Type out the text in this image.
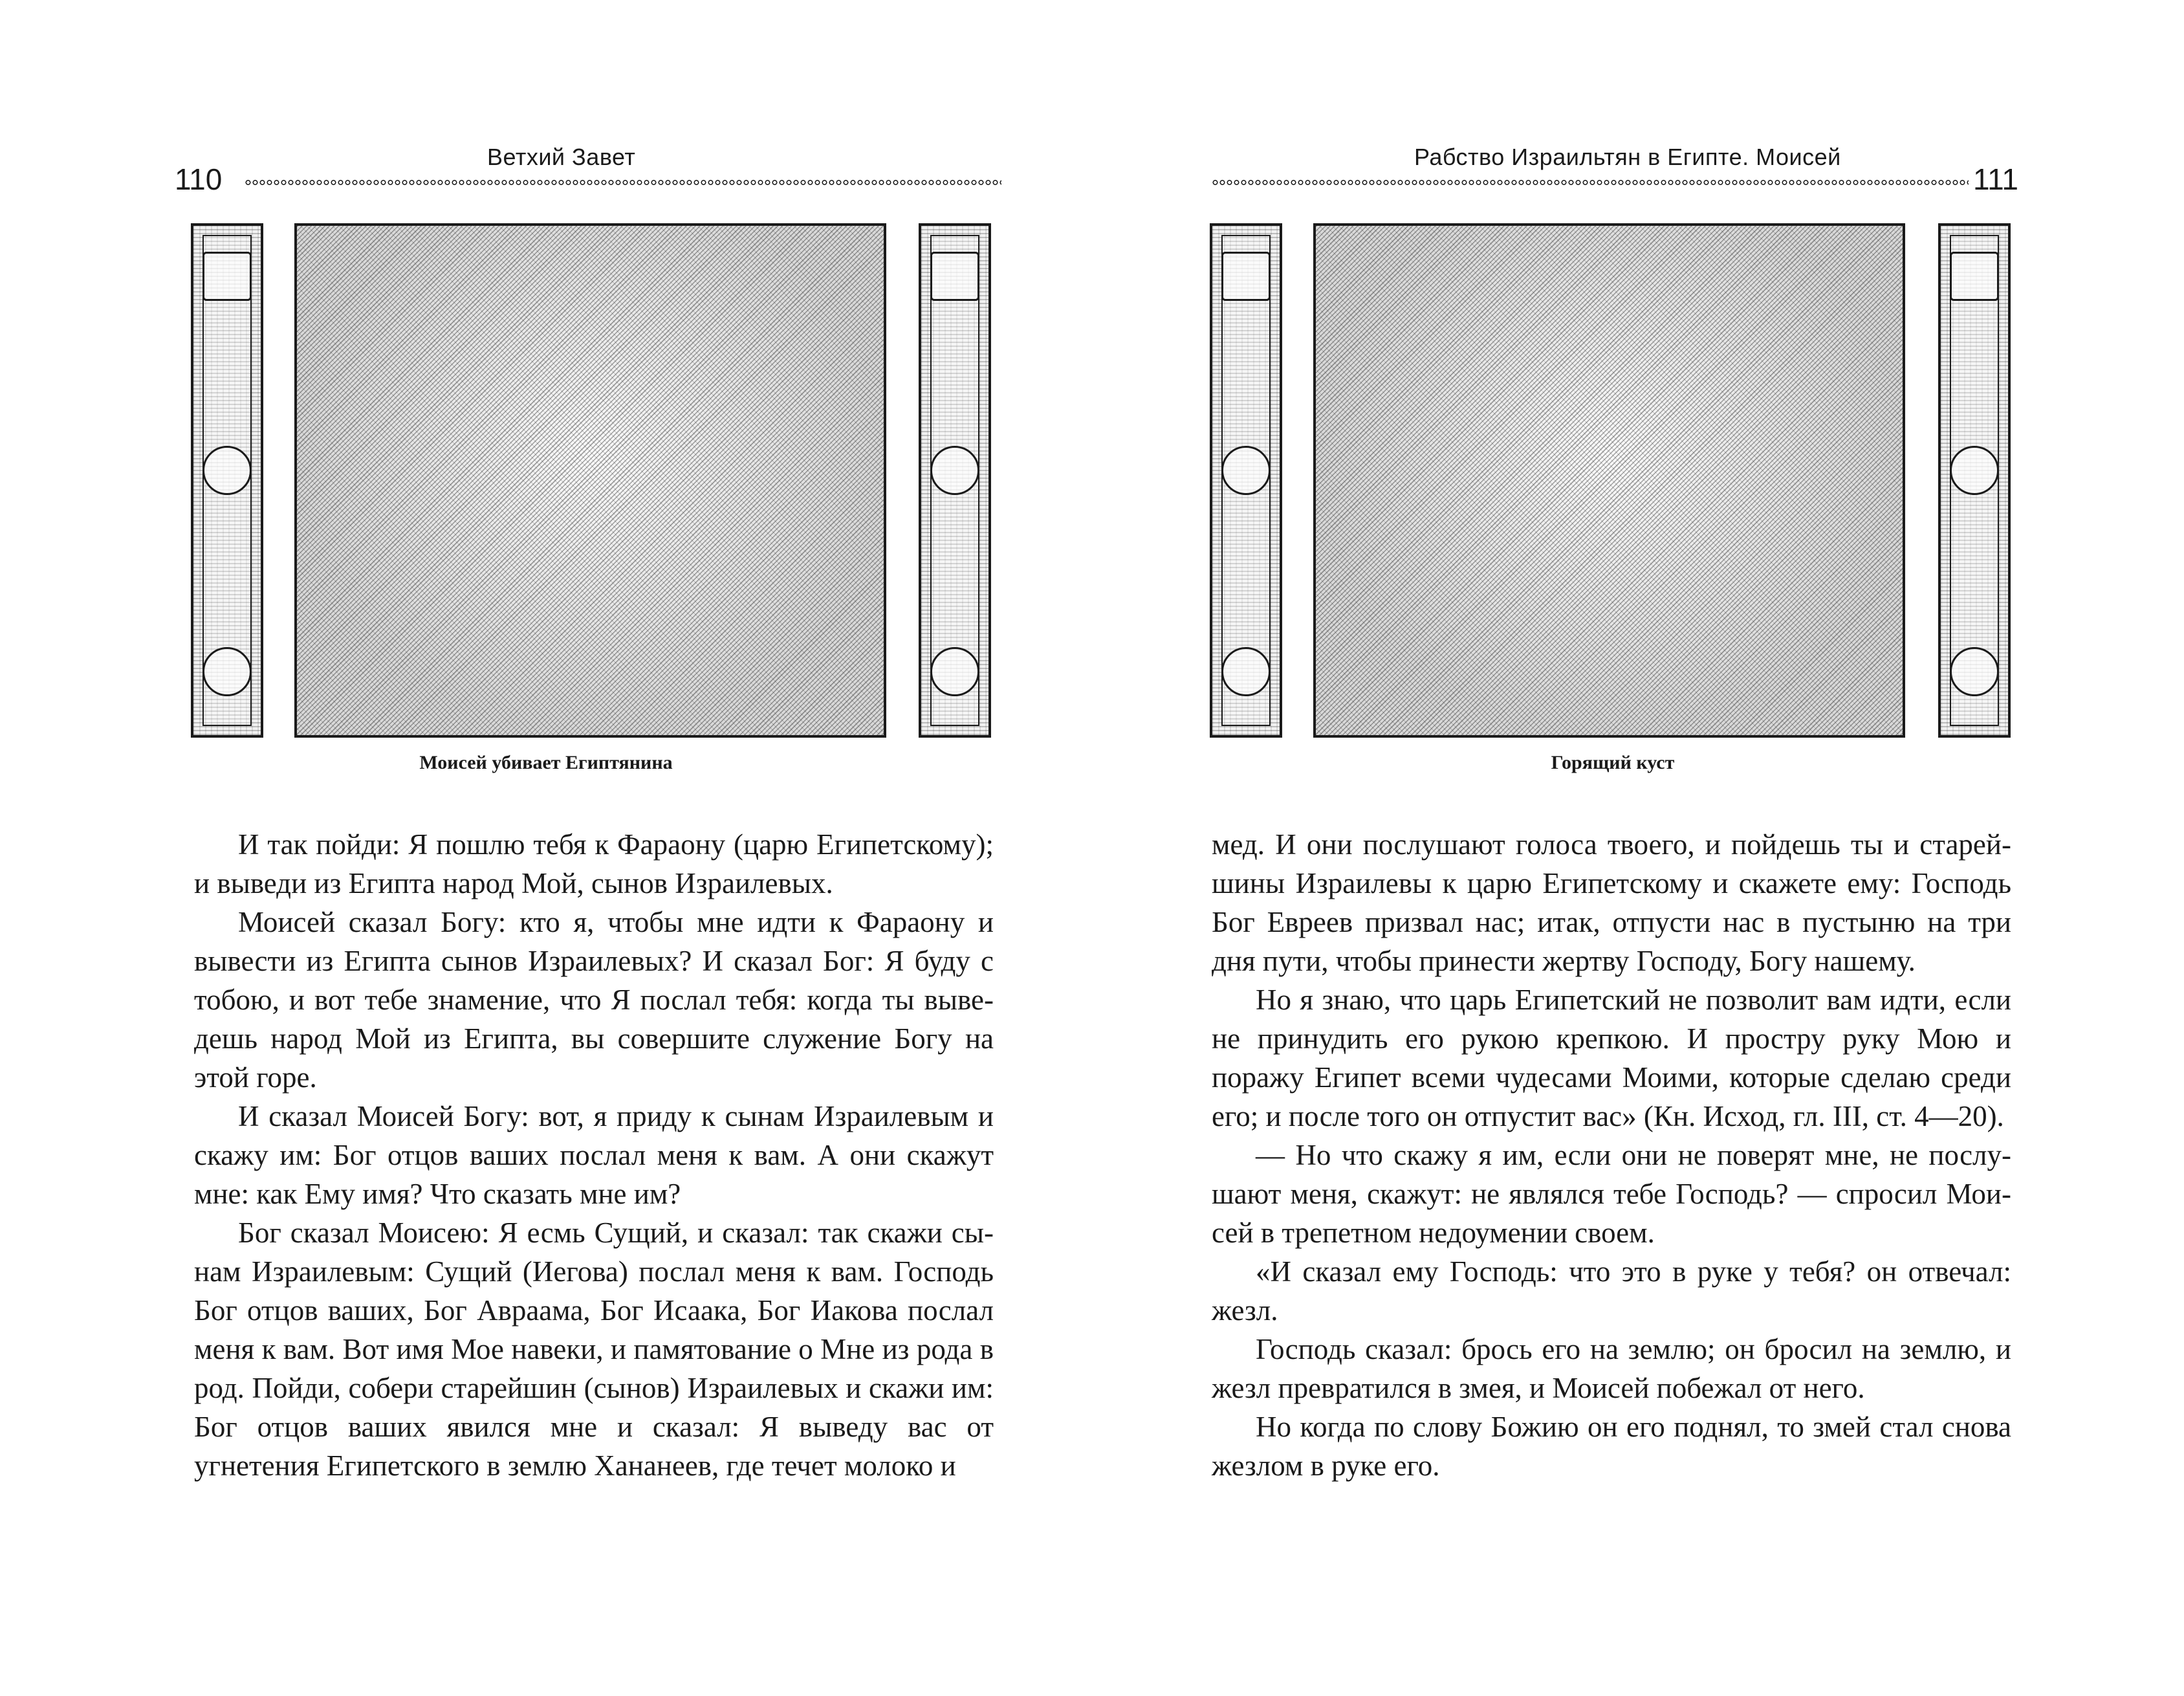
Ветхий Завет
110
Моисей убивает Египтянина

И так пойди: Я пошлю тебя к Фараону (царю Египетскому); и выведи из Египта народ Мой, сынов Израилевых.

Моисей сказал Богу: кто я, чтобы мне идти к Фараону и вывести из Египта сынов Израилевых? И сказал Бог: Я буду с тобою, и вот тебе знамение, что Я послал тебя: когда ты выведешь народ Мой из Египта, вы совершите служение Богу на этой горе.

И сказал Моисей Богу: вот, я приду к сынам Израилевым и скажу им: Бог отцов ваших послал меня к вам. А они скажут мне: как Ему имя? Что сказать мне им?

Бог сказал Моисею: Я есмь Сущий, и сказал: так скажи сынам Израилевым: Сущий (Иегова) послал меня к вам. Господь Бог отцов ваших, Бог Авраама, Бог Исаака, Бог Иакова послал меня к вам. Вот имя Мое навеки, и памятование о Мне из рода в род. Пойди, собери старейшин (сынов) Израилевых и скажи им: Бог отцов ваших явился мне и сказал: Я выведу вас от угнетения Египетского в землю Хананеев, где течет молоко и

Рабство Израильтян в Египте. Моисей
111
Горящий куст

мед. И они послушают голоса твоего, и пойдешь ты и старейшины Израилевы к царю Египетскому и скажете ему: Господь Бог Евреев призвал нас; итак, отпусти нас в пустыню на три дня пути, чтобы принести жертву Господу, Богу нашему.

Но я знаю, что царь Египетский не позволит вам идти, если не принудить его рукою крепкою. И простру руку Мою и поражу Египет всеми чудесами Моими, которые сделаю среди его; и после того он отпустит вас» (Кн. Исход, гл. III, ст. 4—20).

— Но что скажу я им, если они не поверят мне, не послушают меня, скажут: не являлся тебе Господь? — спросил Моисей в трепетном недоумении своем.

«И сказал ему Господь: что это в руке у тебя? он отвечал: жезл.

Господь сказал: брось его на землю; он бросил на землю, и жезл превратился в змея, и Моисей побежал от него.

Но когда по слову Божию он его поднял, то змей стал снова жезлом в руке его.
